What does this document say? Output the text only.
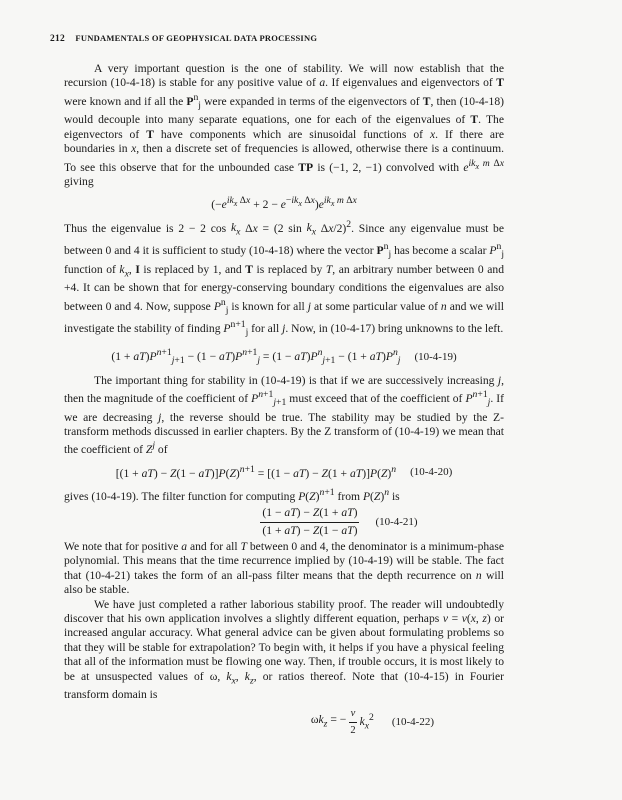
212 FUNDAMENTALS OF GEOPHYSICAL DATA PROCESSING

A very important question is the one of stability. We will now establish that the recursion (10-4-18) is stable for any positive value of a. If eigenvalues and eigenvectors of T were known and if all the $P^n_j$ were expanded in terms of the eigenvectors of T, then (10-4-18) would decouple into many separate equations, one for each of the eigenvalues of T. The eigenvectors of T have components which are sinusoidal functions of x. If there are boundaries in x, then a discrete set of frequencies is allowed, otherwise there is a continuum. To see this observe that for the unbounded case TP is (−1, 2, −1) convolved with $e^{ik_x m \Delta x}$ giving

$(-e^{ik_x \Delta x} + 2 - e^{-ik_x \Delta x})e^{ik_x m \Delta x}$

Thus the eigenvalue is 2 − 2 $\cos k_x$ Δx = (2 $\sin k_x$ Δx/2)$^2$. Since any eigenvalue must be between 0 and 4 it is sufficient to study (10-4-18) where the vector $P^n_j$ has become a scalar $P^n_j$ function of $k_x$, I is replaced by 1, and T is replaced by T, an arbitrary number between 0 and +4. It can be shown that for energy-conserving boundary conditions the eigenvalues are also between 0 and 4. Now, suppose $P^n_j$ is known for all j at some particular value of n and we will investigate the stability of finding $P^{n+1}_j$ for all j. Now, in (10-4-17) bring unknowns to the left.

$(1 + aT)P^{n+1}_{j+1} - (1 - aT)P^{n+1}_j = (1 - aT)P^n_{j+1} - (1 + aT)P^n_j$ (10-4-19)

The important thing for stability in (10-4-19) is that if we are successively increasing j, then the magnitude of the coefficient of $P^{n+1}_{j+1}$ must exceed that of the coefficient of $P^{n+1}_j$. If we are decreasing j, the reverse should be true. The stability may be studied by the Z-transform methods discussed in earlier chapters. By the Z transform of (10-4-19) we mean that the coefficient of $Z^j$ of

$[(1 + aT) - Z(1 - aT)]P(Z)^{n+1} = [(1 - aT) - Z(1 + aT)]P(Z)^n$ (10-4-20)

gives (10-4-19). The filter function for computing $P(Z)^{n+1}$ from $P(Z)^n$ is

$\frac{(1 - aT) - Z(1 + aT)}{(1 + aT) - Z(1 - aT)} (10-4-21)$

We note that for positive a and for all T between 0 and 4, the denominator is a minimum-phase polynomial. This means that the time recurrence implied by (10-4-19) will be stable. The fact that (10-4-21) takes the form of an all-pass filter means that the depth recurrence on n will also be stable.

We have just completed a rather laborious stability proof. The reader will undoubtedly discover that his own application involves a slightly different equation, perhaps v = v(x, z) or increased angular accuracy. What general advice can be given about formulating problems so that they will be stable for extrapolation? To begin with, it helps if you have a physical feeling that all of the information must be flowing one way. Then, if trouble occurs, it is most likely to be at unsuspected values of ω, $k_x$, $k_z$, or ratios thereof. Note that (10-4-15) in Fourier transform domain is

$\omega k_z$ = − $\frac{v}{2} k_x^2$ (10-4-22)
